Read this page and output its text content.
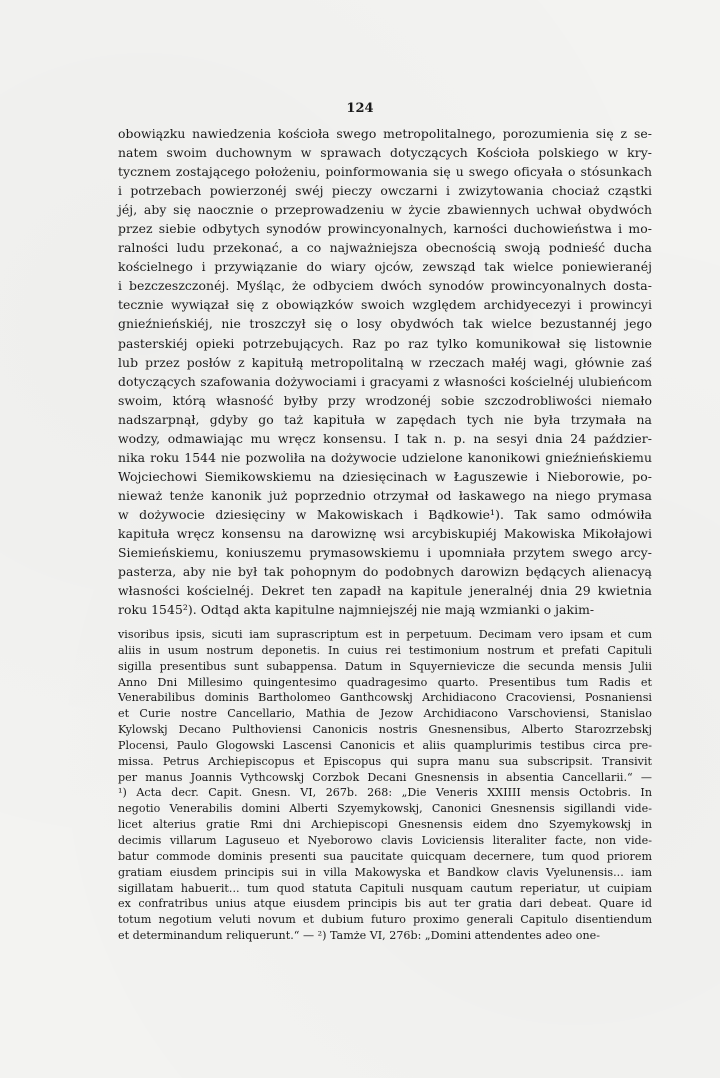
124
obowiązku nawiedzenia kościoła swego metropolitalnego, porozumienia się z se-
natem swoim duchownym w sprawach dotyczących Kościoła polskiego w kry-
tycznem zostającego położeniu, poinformowania się u swego oficyała o stósunkach
i potrzebach powierzonéj swéj pieczy owczarni i zwizytowania chociaż cząstki
jéj, aby się naocznie o przeprowadzeniu w życie zbawiennych uchwał obydwóch
przez siebie odbytych synodów prowincyonalnych, karności duchowieństwa i mo-
ralności ludu przekonać, a co najważniejsza obecnością swoją podnieść ducha
kościelnego i przywiązanie do wiary ojców, zewsząd tak wielce poniewieranéj
i bezczeszczonéj. Myśląc, że odbyciem dwóch synodów prowincyonalnych dosta-
tecznie wywiązał się z obowiązków swoich względem archidyecezyi i prowincyi
gnieźnieńskiéj, nie troszczył się o losy obydwóch tak wielce bezustannéj jego
pasterskiéj opieki potrzebujących. Raz po raz tylko komunikował się listownie
lub przez posłów z kapitułą metropolitalną w rzeczach małéj wagi, głównie zaś
dotyczących szafowania dożywociami i gracyami z własności kościelnéj ulubieńcom
swoim, którą własność byłby przy wrodzonéj sobie szczodrobliwości niemało
nadszarpnął, gdyby go taż kapituła w zapędach tych nie była trzymała na
wodzy, odmawiając mu wręcz konsensu. I tak n. p. na sesyi dnia 24 paździer-
nika roku 1544 nie pozwoliła na dożywocie udzielone kanonikowi gnieźnieńskiemu
Wojciechowi Siemikowskiemu na dziesięcinach w Łaguszewie i Nieborowie, po-
nieważ tenże kanonik już poprzednio otrzymał od łaskawego na niego prymasa
w dożywocie dziesięciny w Makowiskach i Bądkowie¹). Tak samo odmówiła
kapituła wręcz konsensu na darowiznę wsi arcybiskupiéj Makowiska Mikołajowi
Siemieńskiemu, koniuszemu prymasowskiemu i upomniała przytem swego arcy-
pasterza, aby nie był tak pohopnym do podobnych darowizn będących alienacyą
własności kościelnéj. Dekret ten zapadł na kapitule jeneralnéj dnia 29 kwietnia
roku 1545²). Odtąd akta kapitulne najmniejszéj nie mają wzmianki o jakim-
visoribus ipsis, sicuti iam suprascriptum est in perpetuum. Decimam vero ipsam et cum
aliis in usum nostrum deponetis. In cuius rei testimonium nostrum et prefati Capituli
sigilla presentibus sunt subappensa. Datum in Squyernievicze die secunda mensis Julii
Anno Dni Millesimo quingentesimo quadragesimo quarto. Presentibus tum Radis et
Venerabilibus dominis Bartholomeo Ganthcowskj Archidiacono Cracoviensi, Posnaniensi
et Curie nostre Cancellario, Mathia de Jezow Archidiacono Varschoviensi, Stanislao
Kylowskj Decano Pulthoviensi Canonicis nostris Gnesnensibus, Alberto Starozrzebskj
Plocensi, Paulo Glogowski Lascensi Canonicis et aliis quamplurimis testibus circa pre-
missa. Petrus Archiepiscopus et Episcopus qui supra manu sua subscripsit. Transivit
per manus Joannis Vythcowskj Corzbok Decani Gnesnensis in absentia Cancellarii.“ —
¹) Acta decr. Capit. Gnesn. VI, 267b. 268: „Die Veneris XXIIII mensis Octobris. In
negotio Venerabilis domini Alberti Szyemykowskj, Canonici Gnesnensis sigillandi vide-
licet alterius gratie Rmi dni Archiepiscopi Gnesnensis eidem dno Szyemykowskj in
decimis villarum Laguseuo et Nyeborowo clavis Loviciensis literaliter facte, non vide-
batur commode dominis presenti sua paucitate quicquam decernere, tum quod priorem
gratiam eiusdem principis sui in villa Makowyska et Bandkow clavis Vyelunensis... iam
sigillatam habuerit... tum quod statuta Capituli nusquam cautum reperiatur, ut cuipiam
ex confratribus unius atque eiusdem principis bis aut ter gratia dari debeat. Quare id
totum negotium veluti novum et dubium futuro proximo generali Capitulo disentiendum
et determinandum reliquerunt.“ — ²) Tamże VI, 276b: „Domini attendentes adeo one-
